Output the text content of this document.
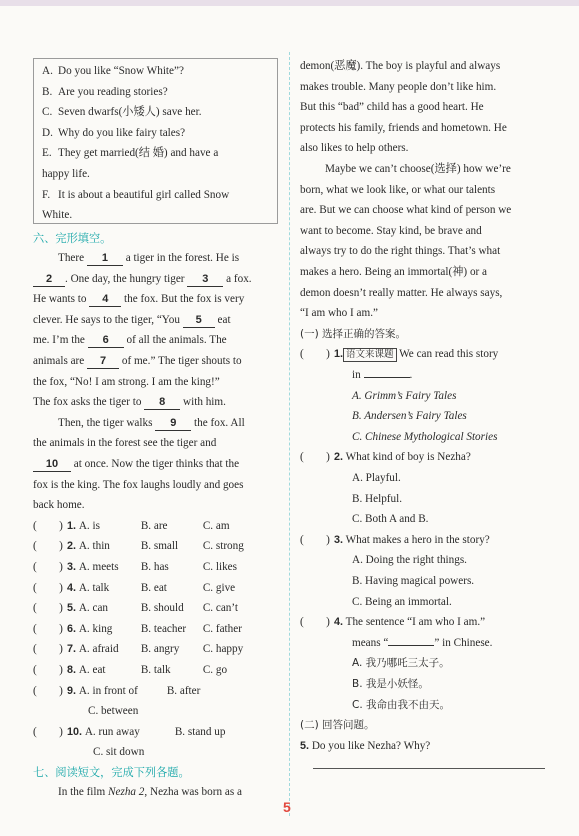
A. Do you like “Snow White”?
B. Are you reading stories?
C. Seven dwarfs(小矮人) save her.
D. Why do you like fairy tales?
E. They get married(结 婚) and have a
happy life.
F. It is about a beautiful girl called Snow
White.
六、完形填空。
There 1 a tiger in the forest. He is
2 . One day, the hungry tiger 3 a fox.
He wants to 4 the fox. But the fox is very
clever. He says to the tiger, “You 5 eat
me. I’m the 6 of all the animals. The
animals are 7 of me.” The tiger shouts to
the fox, “No! I am strong. I am the king!”
The fox asks the tiger to 8 with him.
Then, the tiger walks 9 the fox. All
the animals in the forest see the tiger and
10 at once. Now the tiger thinks that the
fox is the king. The fox laughs loudly and goes
back home.
(　　) 1. A. is	B. are	C. am
(　　) 2. A. thin	B. small C. strong
(　　) 3. A. meets B. has	C. likes
(　　) 4. A. talk	B. eat	C. give
(　　) 5. A. can	B. should C. can’t
(　　) 6. A. king	B. teacher C. father
(　　) 7. A. afraid B. angry C. happy
(　　) 8. A. eat	B. talk	C. go
(　　) 9. A. in front of	B. after
C. between
(　　) 10. A. run away	B. stand up
C. sit down
七、阅读短文，完成下列各题。
In the film Nezha 2, Nezha was born as a
demon(恶魔). The boy is playful and always
makes trouble. Many people don’t like him.
But this “bad” child has a good heart. He
protects his family, friends and hometown. He
also likes to help others.
Maybe we can’t choose(选择) how we’re
born, what we look like, or what our talents
are. But we can choose what kind of person we
want to become. Stay kind, be brave and
always try to do the right things. That’s what
makes a hero. Being an immortal(神) or a
demon doesn’t really matter. He always says,
“I am who I am.”
(一) 选择正确的答案。
(　　) 1. 语文来课题 We can read this story
in	.
A. Grimm’s Fairy Tales
B. Andersen’s Fairy Tales
C. Chinese Mythological Stories
(　　) 2. What kind of boy is Nezha?
A. Playful.
B. Helpful.
C. Both A and B.
(　　) 3. What makes a hero in the story?
A. Doing the right things.
B. Having magical powers.
C. Being an immortal.
(　　) 4. The sentence “I am who I am.”
means “	” in Chinese.
A. 我乃哪吒三太子。
B. 我是小妖怪。
C. 我命由我不由天。
(二) 回答问题。
5. Do you like Nezha? Why?
5
